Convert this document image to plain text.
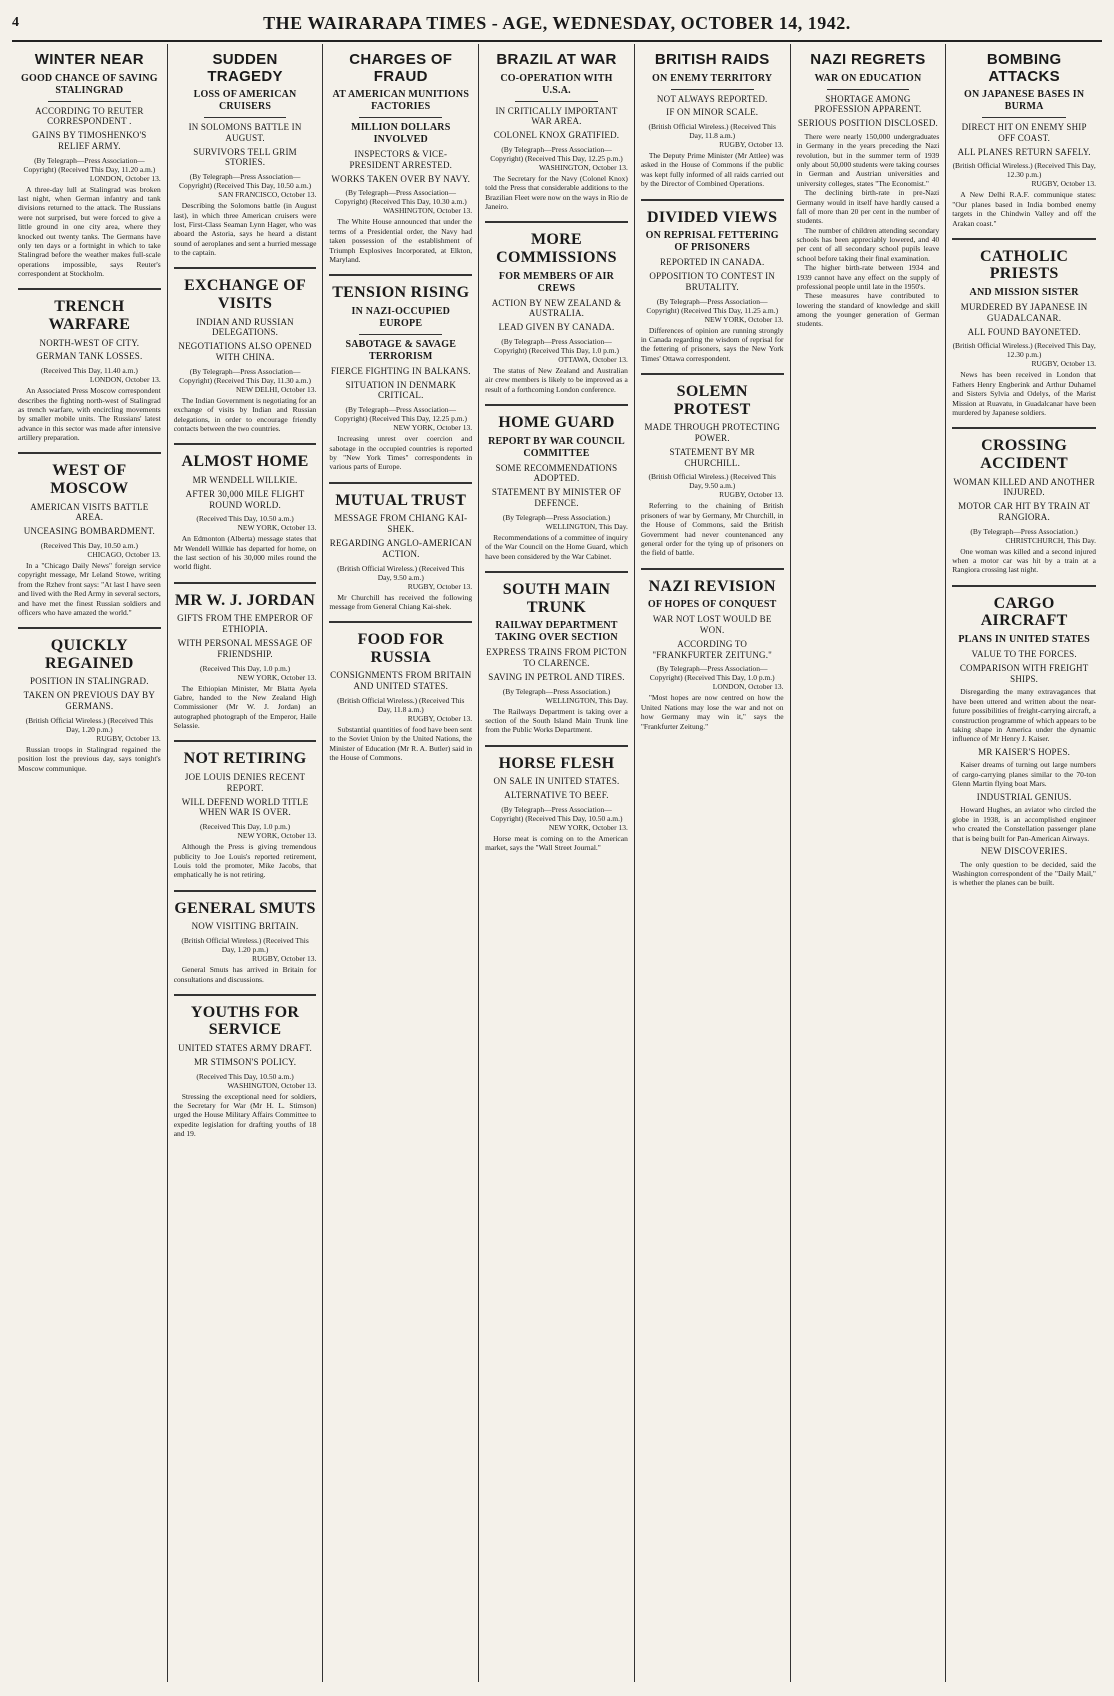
4	THE WAIRARAPA TIMES - AGE, WEDNESDAY, OCTOBER 14, 1942.
WINTER NEAR
GOOD CHANCE OF SAVING STALINGRAD
ACCORDING TO REUTER CORRESPONDENT .
GAINS BY TIMOSHENKO'S RELIEF ARMY.
(By Telegraph—Press Association—Copyright) (Received This Day, 11.20 a.m.)
LONDON, October 13.

A three-day lull at Stalingrad was broken last night, when German infantry and tank divisions returned to the attack. The Russians were not surprised, but were forced to give a little ground in one city area, where they knocked out twenty tanks. The Germans have only ten days or a fortnight in which to take Stalingrad before the weather makes full-scale operations impossible, says Reuter's correspondent at Stockholm.

TRENCH WARFARE
NORTH-WEST OF CITY.
GERMAN TANK LOSSES.
(Received This Day, 11.40 a.m.)
LONDON, October 13.

An Associated Press Moscow correspondent describes the fighting north-west of Stalingrad as trench warfare, with encircling movements by smaller mobile units. The Russians' latest advance in this sector was made after intensive artillery preparation.

WEST OF MOSCOW
AMERICAN VISITS BATTLE AREA.
UNCEASING BOMBARDMENT.
(Received This Day, 10.50 a.m.)
CHICAGO, October 13.

In a "Chicago Daily News" foreign service copyright message, Mr Leland Stowe, writing from the Rzhev front says: "At last I have seen and lived with the Red Army in several sectors, and have met the finest Russian soldiers and officers who have amazed the world."

QUICKLY REGAINED
POSITION IN STALINGRAD.
TAKEN ON PREVIOUS DAY BY GERMANS.
(British Official Wireless.) (Received This Day, 1.20 p.m.)
RUGBY, October 13.

Russian troops in Stalingrad regained the position lost the previous day, says tonight's Moscow communique.

SUDDEN TRAGEDY
LOSS OF AMERICAN CRUISERS
IN SOLOMONS BATTLE IN AUGUST.
SURVIVORS TELL GRIM STORIES.
(By Telegraph—Press Association—Copyright) (Received This Day, 10.50 a.m.)
SAN FRANCISCO, October 13.

Describing the Solomons battle (in August last), in which three American cruisers were lost, First-Class Seaman Lynn Hager, who was aboard the Astoria, says he heard a distant sound of aeroplanes and sent a hurried message to the captain.

EXCHANGE OF VISITS
INDIAN AND RUSSIAN DELEGATIONS.
NEGOTIATIONS ALSO OPENED WITH CHINA.
(By Telegraph—Press Association—Copyright) (Received This Day, 11.30 a.m.)
NEW DELHI, October 13.

The Indian Government is negotiating for an exchange of visits by Indian and Russian delegations, in order to encourage friendly contacts between the two countries.

ALMOST HOME
MR WENDELL WILLKIE.
AFTER 30,000 MILE FLIGHT ROUND WORLD.
(Received This Day, 10.50 a.m.)
NEW YORK, October 13.

An Edmonton (Alberta) message states that Mr Wendell Willkie has departed for home, on the last section of his 30,000 miles round the world flight.

MR W. J. JORDAN
GIFTS FROM THE EMPEROR OF ETHIOPIA.
WITH PERSONAL MESSAGE OF FRIENDSHIP.
(Received This Day, 1.0 p.m.)
NEW YORK, October 13.

The Ethiopian Minister, Mr Blatta Ayela Gabre, handed to the New Zealand High Commissioner (Mr W. J. Jordan) an autographed photograph of the Emperor, Haile Selassie.

NOT RETIRING
JOE LOUIS DENIES RECENT REPORT.
WILL DEFEND WORLD TITLE WHEN WAR IS OVER.
(Received This Day, 1.0 p.m.)
NEW YORK, October 13.

Although the Press is giving tremendous publicity to Joe Louis's reported retirement, Louis told the promoter, Mike Jacobs, that emphatically he is not retiring.

GENERAL SMUTS
NOW VISITING BRITAIN.
(British Official Wireless.) (Received This Day, 1.20 p.m.)
RUGBY, October 13.

General Smuts has arrived in Britain for consultations and discussions.

YOUTHS FOR SERVICE
UNITED STATES ARMY DRAFT.
MR STIMSON'S POLICY.
(Received This Day, 10.50 a.m.)
WASHINGTON, October 13.

Stressing the exceptional need for soldiers, the Secretary for War (Mr H. L. Stimson) urged the House Military Affairs Committee to expedite legislation for drafting youths of 18 and 19.

CHARGES OF FRAUD
AT AMERICAN MUNITIONS FACTORIES
MILLION DOLLARS INVOLVED
INSPECTORS & VICE-PRESIDENT ARRESTED.
WORKS TAKEN OVER BY NAVY.
(By Telegraph—Press Association—Copyright) (Received This Day, 10.30 a.m.)
WASHINGTON, October 13.

The White House announced that under the terms of a Presidential order, the Navy had taken possession of the establishment of Triumph Explosives Incorporated, at Elkton, Maryland.

TENSION RISING
IN NAZI-OCCUPIED EUROPE
SABOTAGE & SAVAGE TERRORISM
FIERCE FIGHTING IN BALKANS.
SITUATION IN DENMARK CRITICAL.
(By Telegraph—Press Association—Copyright) (Received This Day, 12.25 p.m.)
NEW YORK, October 13.

Increasing unrest over coercion and sabotage in the occupied countries is reported by "New York Times" correspondents in various parts of Europe.

MUTUAL TRUST
MESSAGE FROM CHIANG KAI-SHEK.
REGARDING ANGLO-AMERICAN ACTION.
(British Official Wireless.) (Received This Day, 9.50 a.m.)
RUGBY, October 13.

Mr Churchill has received the following message from General Chiang Kai-shek.

FOOD FOR RUSSIA
CONSIGNMENTS FROM BRITAIN AND UNITED STATES.
(British Official Wireless.) (Received This Day, 11.8 a.m.)
RUGBY, October 13.

Substantial quantities of food have been sent to the Soviet Union by the United Nations, the Minister of Education (Mr R. A. Butler) said in the House of Commons.

BRAZIL AT WAR
CO-OPERATION WITH U.S.A.
IN CRITICALLY IMPORTANT WAR AREA.
COLONEL KNOX GRATIFIED.
(By Telegraph—Press Association—Copyright) (Received This Day, 12.25 p.m.)
WASHINGTON, October 13.

The Secretary for the Navy (Colonel Knox) told the Press that considerable additions to the Brazilian Fleet were now on the ways in Rio de Janeiro.

MORE COMMISSIONS
FOR MEMBERS OF AIR CREWS
ACTION BY NEW ZEALAND & AUSTRALIA.
LEAD GIVEN BY CANADA.
(By Telegraph—Press Association—Copyright) (Received This Day, 1.0 p.m.)
OTTAWA, October 13.

The status of New Zealand and Australian air crew members is likely to be improved as a result of a forthcoming London conference.

HOME GUARD
REPORT BY WAR COUNCIL COMMITTEE
SOME RECOMMENDATIONS ADOPTED.
STATEMENT BY MINISTER OF DEFENCE.
(By Telegraph—Press Association.)
WELLINGTON, This Day.

Recommendations of a committee of inquiry of the War Council on the Home Guard, which have been considered by the War Cabinet.

SOUTH MAIN TRUNK
RAILWAY DEPARTMENT TAKING OVER SECTION
EXPRESS TRAINS FROM PICTON TO CLARENCE.
SAVING IN PETROL AND TIRES.
(By Telegraph—Press Association.)
WELLINGTON, This Day.

The Railways Department is taking over a section of the South Island Main Trunk line from the Public Works Department.

HORSE FLESH
ON SALE IN UNITED STATES.
ALTERNATIVE TO BEEF.
(By Telegraph—Press Association—Copyright) (Received This Day, 10.50 a.m.)
NEW YORK, October 13.

Horse meat is coming on to the American market, says the "Wall Street Journal."

BRITISH RAIDS
ON ENEMY TERRITORY
NOT ALWAYS REPORTED.
IF ON MINOR SCALE.
(British Official Wireless.) (Received This Day, 11.8 a.m.)
RUGBY, October 13.

The Deputy Prime Minister (Mr Attlee) was asked in the House of Commons if the public was kept fully informed of all raids carried out by the Director of Combined Operations.

DIVIDED VIEWS
ON REPRISAL FETTERING OF PRISONERS
REPORTED IN CANADA.
OPPOSITION TO CONTEST IN BRUTALITY.
(By Telegraph—Press Association—Copyright) (Received This Day, 11.25 a.m.)
NEW YORK, October 13.

Differences of opinion are running strongly in Canada regarding the wisdom of reprisal for the fettering of prisoners, says the New York Times' Ottawa correspondent.

SOLEMN PROTEST
MADE THROUGH PROTECTING POWER.
STATEMENT BY MR CHURCHILL.
(British Official Wireless.) (Received This Day, 9.50 a.m.)
RUGBY, October 13.

Referring to the chaining of British prisoners of war by Germany, Mr Churchill, in the House of Commons, said the British Government had never countenanced any general order for the tying up of prisoners on the field of battle.

NAZI REVISION
OF HOPES OF CONQUEST
WAR NOT LOST WOULD BE WON.
ACCORDING TO "FRANKFURTER ZEITUNG."
(By Telegraph—Press Association—Copyright) (Received This Day, 1.0 p.m.)
LONDON, October 13.

"Most hopes are now centred on how the United Nations may lose the war and not on how Germany may win it," says the "Frankfurter Zeitung."

NAZI REGRETS
WAR ON EDUCATION
SHORTAGE AMONG PROFESSION APPARENT.
SERIOUS POSITION DISCLOSED.

There were nearly 150,000 undergraduates in Germany in the years preceding the Nazi revolution, but in the summer term of 1939 only about 50,000 students were taking courses in German and Austrian universities and university colleges, states "The Economist."

The declining birth-rate in pre-Nazi Germany would in itself have hardly caused a fall of more than 20 per cent in the number of students.

The number of children attending secondary schools has been appreciably lowered, and 40 per cent of all secondary school pupils leave school before taking their final examination.

The higher birth-rate between 1934 and 1939 cannot have any effect on the supply of professional people until late in the 1950's.

These measures have contributed to lowering the standard of knowledge and skill among the younger generation of German students.

BOMBING ATTACKS
ON JAPANESE BASES IN BURMA
DIRECT HIT ON ENEMY SHIP OFF COAST.
ALL PLANES RETURN SAFELY.
(British Official Wireless.) (Received This Day, 12.30 p.m.)
RUGBY, October 13.

A New Delhi R.A.F. communique states: "Our planes based in India bombed enemy targets in the Chindwin Valley and off the Arakan coast."

CATHOLIC PRIESTS
AND MISSION SISTER
MURDERED BY JAPANESE IN GUADALCANAR.
ALL FOUND BAYONETED.
(British Official Wireless.) (Received This Day, 12.30 p.m.)
RUGBY, October 13.

News has been received in London that Fathers Henry Engberink and Arthur Duhamel and Sisters Sylvia and Odelys, of the Marist Mission at Ruavatu, in Guadalcanar have been murdered by Japanese soldiers.

CROSSING ACCIDENT
WOMAN KILLED AND ANOTHER INJURED.
MOTOR CAR HIT BY TRAIN AT RANGIORA.
(By Telegraph—Press Association.)
CHRISTCHURCH, This Day.

One woman was killed and a second injured when a motor car was hit by a train at a Rangiora crossing last night.

CARGO AIRCRAFT
PLANS IN UNITED STATES
VALUE TO THE FORCES.
COMPARISON WITH FREIGHT SHIPS.

Disregarding the many extravagances that have been uttered and written about the near-future possibilities of freight-carrying aircraft, a construction programme of which appears to be taking shape in America under the dynamic influence of Mr Henry J. Kaiser.

MR KAISER'S HOPES.

Kaiser dreams of turning out large numbers of cargo-carrying planes similar to the 70-ton Glenn Martin flying boat Mars.

INDUSTRIAL GENIUS.

Howard Hughes, an aviator who circled the globe in 1938, is an accomplished engineer who created the Constellation passenger plane that is being built for Pan-American Airways.

NEW DISCOVERIES.

The only question to be decided, said the Washington correspondent of the "Daily Mail," is whether the planes can be built.
